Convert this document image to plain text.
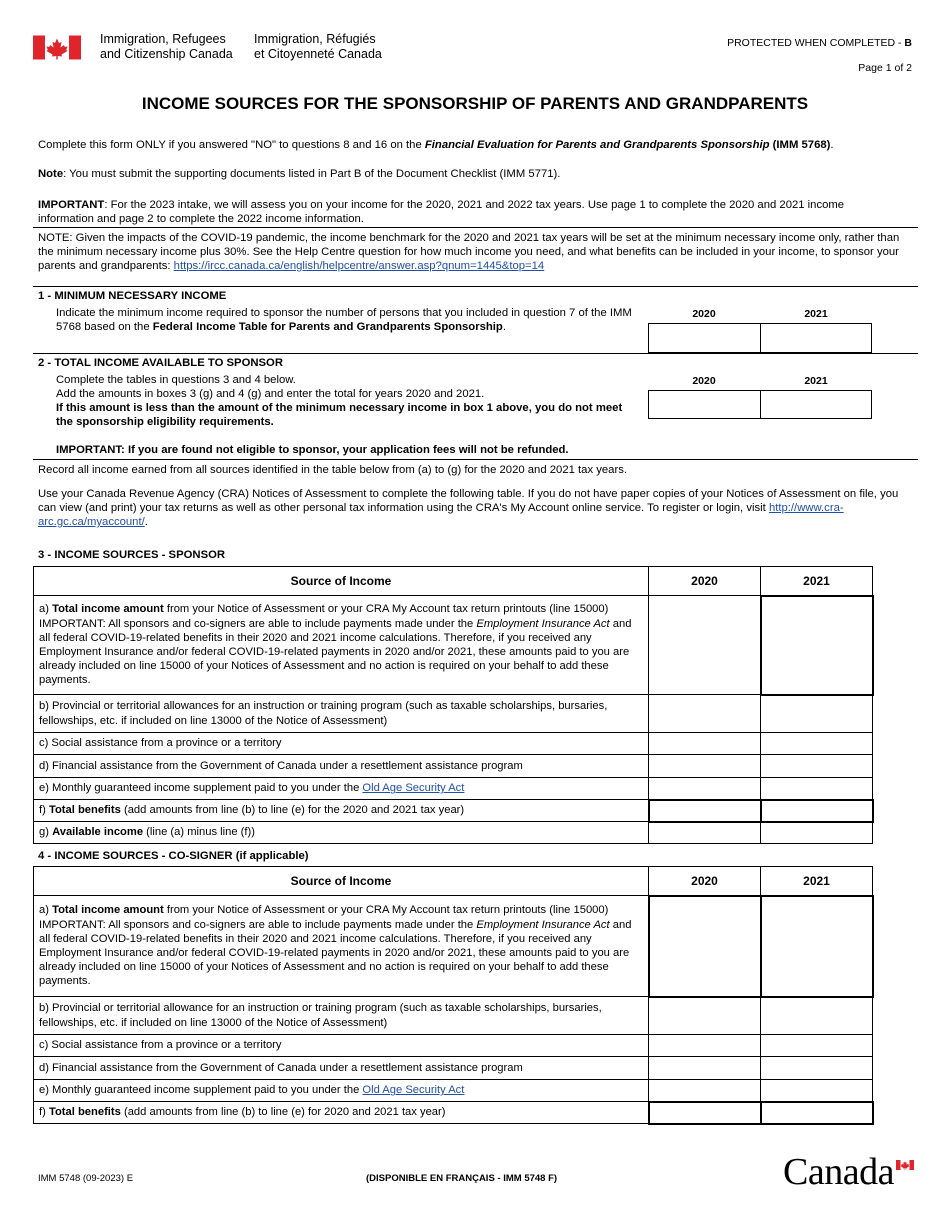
Immigration, Refugees
and Citizenship Canada
Immigration, Réfugiés
et Citoyenneté Canada
PROTECTED WHEN COMPLETED - B
Page 1 of 2
INCOME SOURCES FOR THE SPONSORSHIP OF PARENTS AND GRANDPARENTS
Complete this form ONLY if you answered "NO" to questions 8 and 16 on the Financial Evaluation for Parents and Grandparents Sponsorship (IMM 5768).
Note: You must submit the supporting documents listed in Part B of the Document Checklist (IMM 5771).
IMPORTANT: For the 2023 intake, we will assess you on your income for the 2020, 2021 and 2022 tax years. Use page 1 to complete the 2020 and 2021 income information and page 2 to complete the 2022 income information.
NOTE: Given the impacts of the COVID-19 pandemic, the income benchmark for the 2020 and 2021 tax years will be set at the minimum necessary income only, rather than the minimum necessary income plus 30%. See the Help Centre question for how much income you need, and what benefits can be included in your income, to sponsor your parents and grandparents: https://ircc.canada.ca/english/helpcentre/answer.asp?qnum=1445&top=14
1 - MINIMUM NECESSARY INCOME
Indicate the minimum income required to sponsor the number of persons that you included in question 7 of the IMM 5768 based on the Federal Income Table for Parents and Grandparents Sponsorship.
2020	2021
2 - TOTAL INCOME AVAILABLE TO SPONSOR
Complete the tables in questions 3 and 4 below.
Add the amounts in boxes 3 (g) and 4 (g) and enter the total for years 2020 and 2021.
If this amount is less than the amount of the minimum necessary income in box 1 above, you do not meet the sponsorship eligibility requirements.
IMPORTANT: If you are found not eligible to sponsor, your application fees will not be refunded.
2020	2021
Record all income earned from all sources identified in the table below from (a) to (g) for the 2020 and 2021 tax years.
Use your Canada Revenue Agency (CRA) Notices of Assessment to complete the following table. If you do not have paper copies of your Notices of Assessment on file, you can view (and print) your tax returns as well as other personal tax information using the CRA's My Account online service. To register or login, visit http://www.cra-arc.gc.ca/myaccount/.
3 - INCOME SOURCES - SPONSOR
Source of Income	2020	2021
a) Total income amount from your Notice of Assessment or your CRA My Account tax return printouts (line 15000)
IMPORTANT: All sponsors and co-signers are able to include payments made under the Employment Insurance Act and all federal COVID-19-related benefits in their 2020 and 2021 income calculations. Therefore, if you received any Employment Insurance and/or federal COVID-19-related payments in 2020 and/or 2021, these amounts paid to you are already included on line 15000 of your Notices of Assessment and no action is required on your behalf to add these payments.		
b) Provincial or territorial allowances for an instruction or training program (such as taxable scholarships, bursaries, fellowships, etc. if included on line 13000 of the Notice of Assessment)		
c) Social assistance from a province or a territory		
d) Financial assistance from the Government of Canada under a resettlement assistance program		
e) Monthly guaranteed income supplement paid to you under the Old Age Security Act		
f) Total benefits (add amounts from line (b) to line (e) for the 2020 and 2021 tax year)		
g) Available income (line (a) minus line (f))		
4 - INCOME SOURCES - CO-SIGNER (if applicable)
Source of Income	2020	2021
a) Total income amount from your Notice of Assessment or your CRA My Account tax return printouts (line 15000)
IMPORTANT: All sponsors and co-signers are able to include payments made under the Employment Insurance Act and all federal COVID-19-related benefits in their 2020 and 2021 income calculations. Therefore, if you received any Employment Insurance and/or federal COVID-19-related payments in 2020 and/or 2021, these amounts paid to you are already included on line 15000 of your Notices of Assessment and no action is required on your behalf to add these payments.		
b) Provincial or territorial allowance for an instruction or training program (such as taxable scholarships, bursaries, fellowships, etc. if included on line 13000 of the Notice of Assessment)		
c) Social assistance from a province or a territory		
d) Financial assistance from the Government of Canada under a resettlement assistance program		
e) Monthly guaranteed income supplement paid to you under the Old Age Security Act		
f) Total benefits (add amounts from line (b) to line (e) for 2020 and 2021 tax year)		
IMM 5748 (09-2023) E	(DISPONIBLE EN FRANÇAIS - IMM 5748 F)	Canada
